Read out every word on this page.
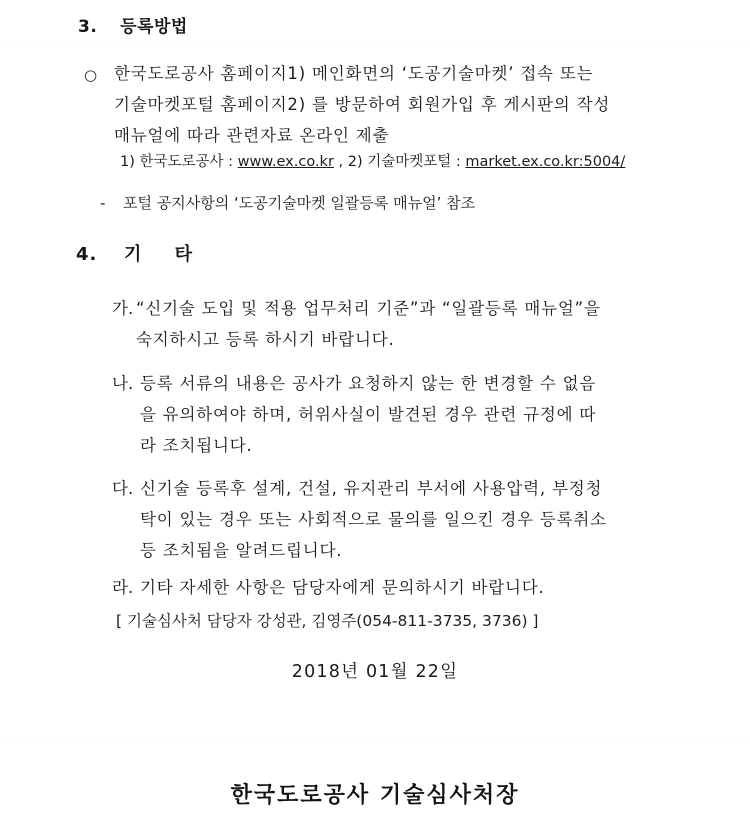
3. 등록방법
○ 한국도로공사 홈페이지1) 메인화면의 ‘도공기술마켓’ 접속 또는
기술마켓포털 홈페이지2) 를 방문하여 회원가입 후 게시판의 작성
매뉴얼에 따라 관련자료 온라인 제출
1) 한국도로공사 : www.ex.co.kr , 2) 기술마켓포털 : market.ex.co.kr:5004/
- 포털 공지사항의 ‘도공기술마켓 일괄등록 매뉴얼’ 참조
4. 기 타
가. “신기술 도입 및 적용 업무처리 기준”과 “일괄등록 매뉴얼”을
숙지하시고 등록 하시기 바랍니다.
나. 등록 서류의 내용은 공사가 요청하지 않는 한 변경할 수 없음
을 유의하여야 하며, 허위사실이 발견된 경우 관련 규정에 따
라 조치됩니다.
다. 신기술 등록후 설계, 건설, 유지관리 부서에 사용압력, 부정청
탁이 있는 경우 또는 사회적으로 물의를 일으킨 경우 등록취소
등 조치됨을 알려드립니다.
라. 기타 자세한 사항은 담당자에게 문의하시기 바랍니다.
[ 기술심사처 담당자 강성관, 김영주(054-811-3735, 3736) ]
2018년 01월 22일
한국도로공사 기술심사처장
